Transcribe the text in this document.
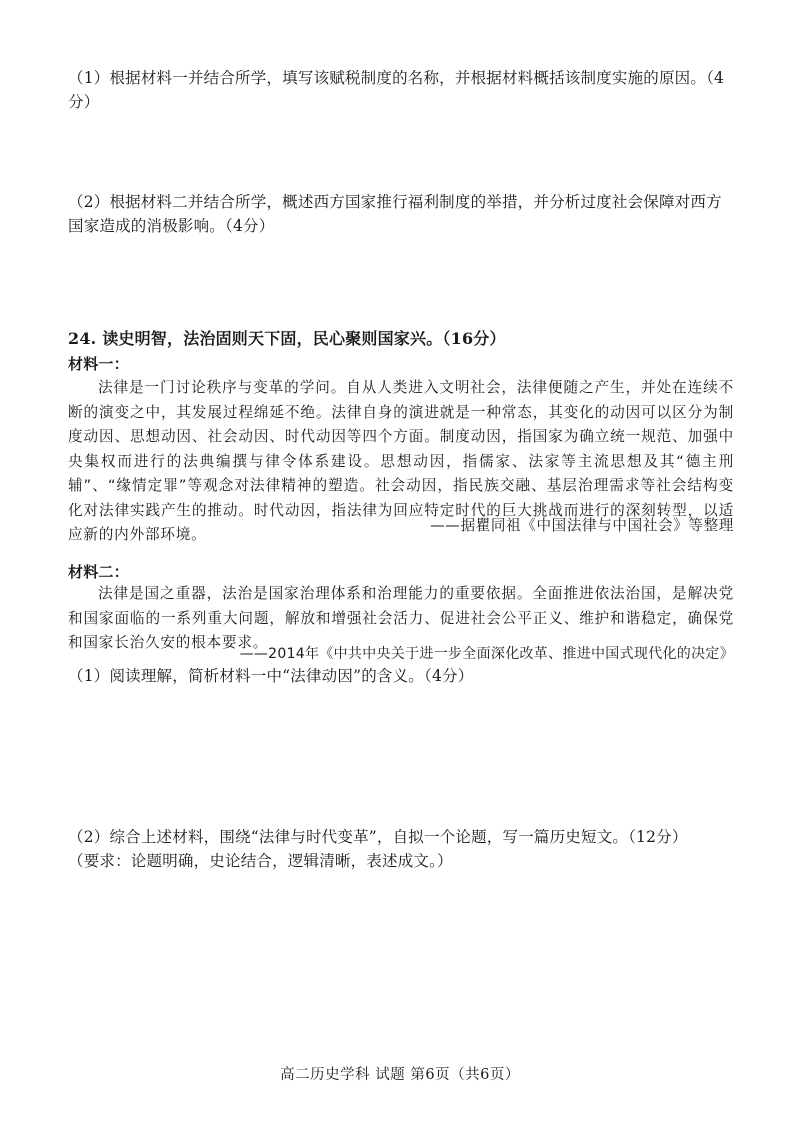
（1）根据材料一并结合所学，填写该赋税制度的名称，并根据材料概括该制度实施的原因。（4分）
（2）根据材料二并结合所学，概述西方国家推行福利制度的举措，并分析过度社会保障对西方国家造成的消极影响。（4分）
24. 读史明智，法治固则天下固，民心聚则国家兴。（16分）
材料一：
法律是一门讨论秩序与变革的学问。自从人类进入文明社会，法律便随之产生，并处在连续不断的演变之中，其发展过程绵延不绝。法律自身的演进就是一种常态，其变化的动因可以区分为制度动因、思想动因、社会动因、时代动因等四个方面。制度动因，指国家为确立统一规范、加强中央集权而进行的法典编撰与律令体系建设。思想动因，指儒家、法家等主流思想及其“德主刑辅”、“缘情定罪”等观念对法律精神的塑造。社会动因，指民族交融、基层治理需求等社会结构变化对法律实践产生的推动。时代动因，指法律为回应特定时代的巨大挑战而进行的深刻转型，以适应新的内外部环境。
——据瞿同祖《中国法律与中国社会》等整理
材料二：
法律是国之重器，法治是国家治理体系和治理能力的重要依据。全面推进依法治国，是解决党和国家面临的一系列重大问题，解放和增强社会活力、促进社会公平正义、维护和谐稳定，确保党和国家长治久安的根本要求。
——2014年《中共中央关于进一步全面深化改革、推进中国式现代化的决定》
（1）阅读理解，简析材料一中“法律动因”的含义。（4分）
（2）综合上述材料，围绕“法律与时代变革”，自拟一个论题，写一篇历史短文。（12分）
（要求：论题明确，史论结合，逻辑清晰，表述成文。）
高二历史学科 试题 第6页（共6页）
